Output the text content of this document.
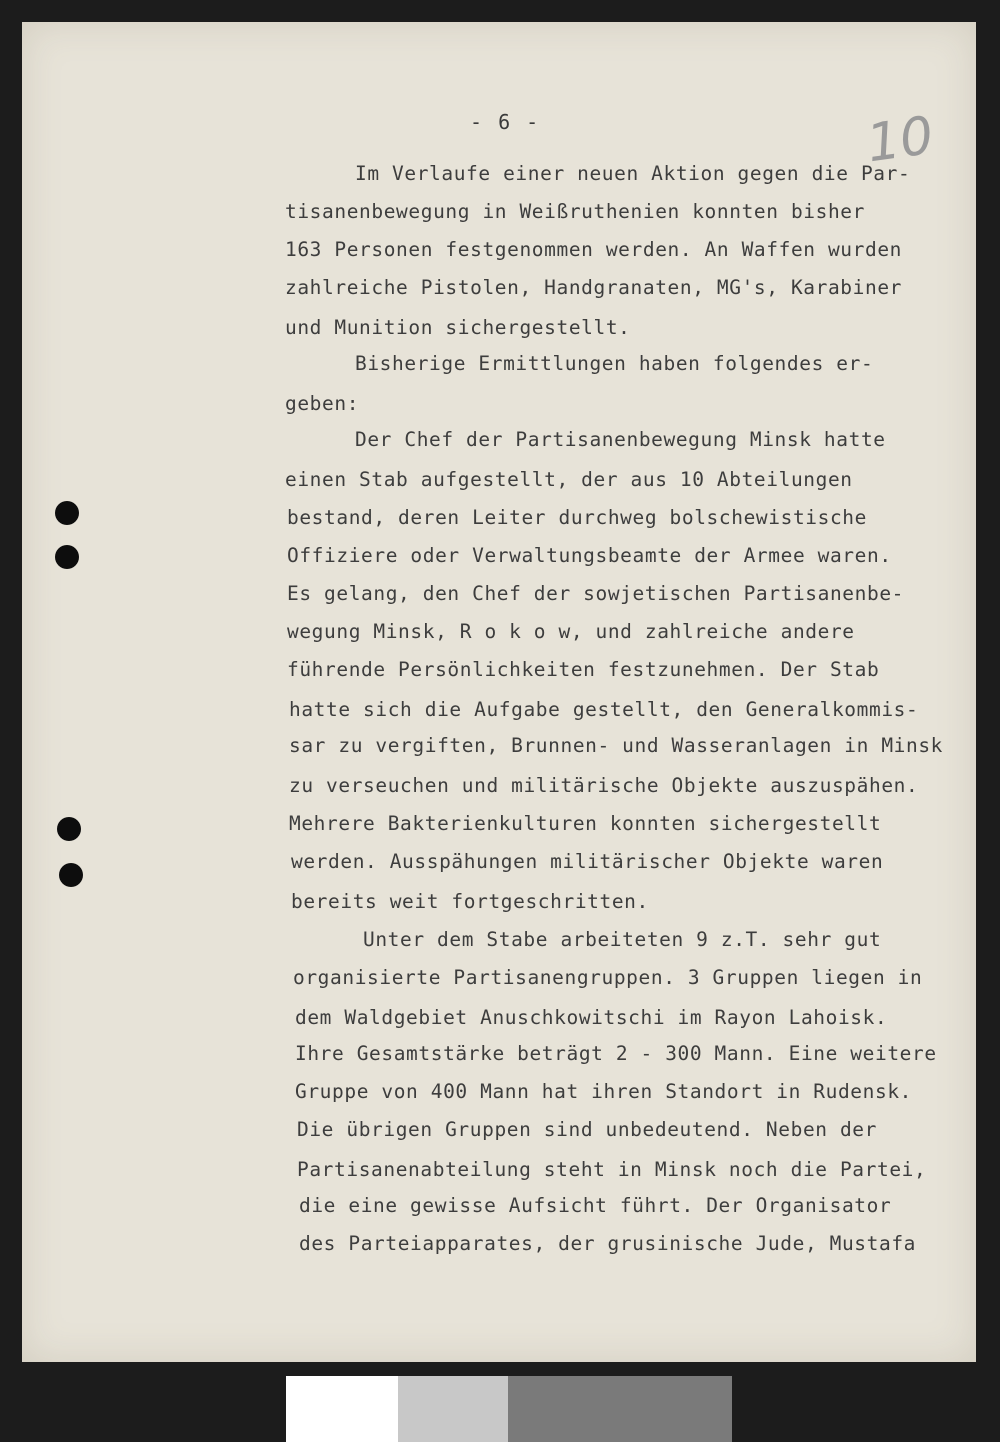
- 6 -	10
Im Verlaufe einer neuen Aktion gegen die Par-
tisanenbewegung in Weißruthenien konnten bisher
163 Personen festgenommen werden. An Waffen wurden
zahlreiche Pistolen, Handgranaten, MG's, Karabiner
und Munition sichergestellt.
Bisherige Ermittlungen haben folgendes er-
geben:
Der Chef der Partisanenbewegung Minsk hatte
einen Stab aufgestellt, der aus 10 Abteilungen
bestand, deren Leiter durchweg bolschewistische
Offiziere oder Verwaltungsbeamte der Armee waren.
Es gelang, den Chef der sowjetischen Partisanenbe-
wegung Minsk, R o k o w, und zahlreiche andere
führende Persönlichkeiten festzunehmen. Der Stab
hatte sich die Aufgabe gestellt, den Generalkommis-
sar zu vergiften, Brunnen- und Wasseranlagen in Minsk
zu verseuchen und militärische Objekte auszuspähen.
Mehrere Bakterienkulturen konnten sichergestellt
werden. Ausspähungen militärischer Objekte waren
bereits weit fortgeschritten.
Unter dem Stabe arbeiteten 9 z.T. sehr gut
organisierte Partisanengruppen. 3 Gruppen liegen in
dem Waldgebiet Anuschkowitschi im Rayon Lahoisk.
Ihre Gesamtstärke beträgt 2 - 300 Mann. Eine weitere
Gruppe von 400 Mann hat ihren Standort in Rudensk.
Die übrigen Gruppen sind unbedeutend. Neben der
Partisanenabteilung steht in Minsk noch die Partei,
die eine gewisse Aufsicht führt. Der Organisator
des Parteiapparates, der grusinische Jude, Mustafa
